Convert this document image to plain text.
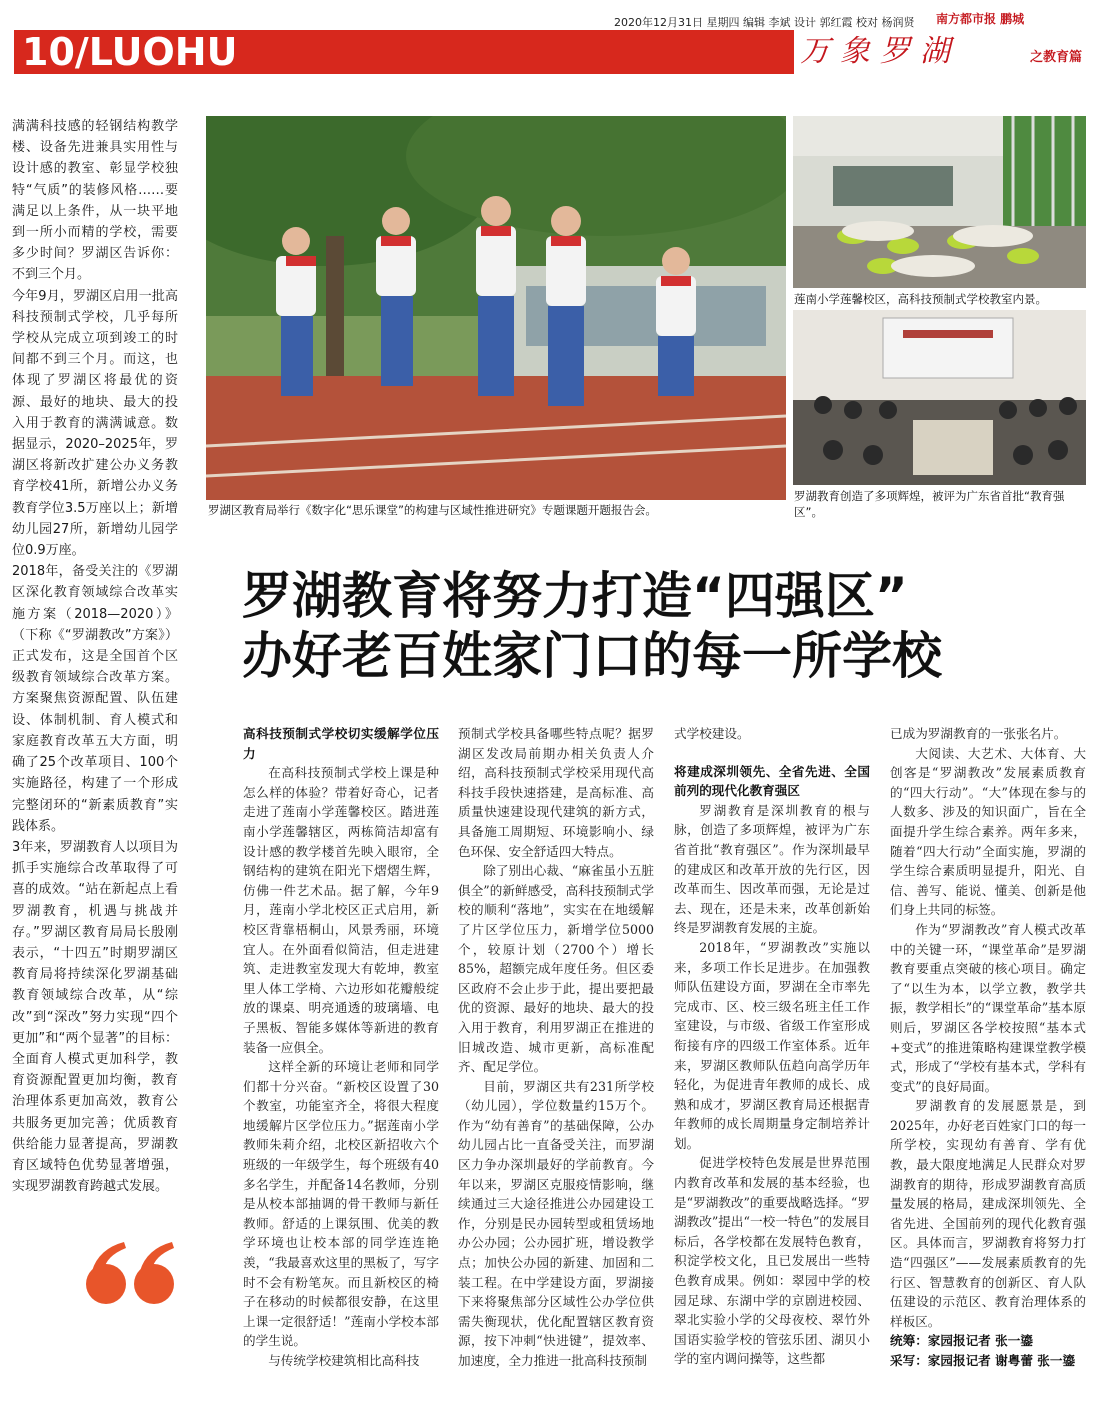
2020年12月31日 星期四 编辑 李斌 设计 郭红霞 校对 杨润贤	南方都市报 鹏城
10/LUOHU	万象罗湖	之教育篇

满满科技感的轻钢结构教学楼、设备先进兼具实用性与设计感的教室、彰显学校独特“气质”的装修风格……要满足以上条件，从一块平地到一所小而精的学校，需要多少时间？罗湖区告诉你：不到三个月。

今年9月，罗湖区启用一批高科技预制式学校，几乎每所学校从完成立项到竣工的时间都不到三个月。而这，也体现了罗湖区将最优的资源、最好的地块、最大的投入用于教育的满满诚意。数据显示，2020–2025年，罗湖区将新改扩建公办义务教育学校41所，新增公办义务教育学位3.5万座以上；新增幼儿园27所，新增幼儿园学位0.9万座。

2018年，备受关注的《罗湖区深化教育领域综合改革实施方案（2018—2020）》（下称《“罗湖教改”方案》）正式发布，这是全国首个区级教育领域综合改革方案。方案聚焦资源配置、队伍建设、体制机制、育人模式和家庭教育改革五大方面，明确了25个改革项目、100个实施路径，构建了一个形成完整闭环的“新素质教育”实践体系。

3年来，罗湖教育人以项目为抓手实施综合改革取得了可喜的成效。“站在新起点上看罗湖教育，机遇与挑战并存。”罗湖区教育局局长殷刚表示，“十四五”时期罗湖区教育局将持续深化罗湖基础教育领域综合改革，从“综改”到“深改”努力实现“四个更加”和“两个显著”的目标：全面育人模式更加科学，教育资源配置更加均衡，教育治理体系更加高效，教育公共服务更加完善；优质教育供给能力显著提高，罗湖教育区域特色优势显著增强，实现罗湖教育跨越式发展。

罗湖区教育局举行《数字化“思乐课堂”的构建与区域性推进研究》专题课题开题报告会。
莲南小学莲馨校区，高科技预制式学校教室内景。
罗湖教育创造了多项辉煌，被评为广东省首批“教育强区”。
罗湖教育将努力打造“四强区”
办好老百姓家门口的每一所学校

高科技预制式学校切实缓解学位压力

在高科技预制式学校上课是种怎么样的体验？带着好奇心，记者走进了莲南小学莲馨校区。踏进莲南小学莲馨辖区，两栋简洁却富有设计感的教学楼首先映入眼帘，全钢结构的建筑在阳光下熠熠生辉，仿佛一件艺术品。据了解，今年9月，莲南小学北校区正式启用，新校区背靠梧桐山，风景秀丽，环境宜人。在外面看似简洁，但走进建筑、走进教室发现大有乾坤，教室里人体工学椅、六边形如花瓣般绽放的课桌、明亮通透的玻璃墙、电子黑板、智能多媒体等新进的教育装备一应俱全。

这样全新的环境让老师和同学们都十分兴奋。“新校区设置了30个教室，功能室齐全，将很大程度地缓解片区学位压力。”据莲南小学教师朱莉介绍，北校区新招收六个班级的一年级学生，每个班级有40多名学生，并配备14名教师，分别是从校本部抽调的骨干教师与新任教师。舒适的上课氛围、优美的教学环境也让校本部的同学连连艳羡，“我最喜欢这里的黑板了，写字时不会有粉笔灰。而且新校区的椅子在移动的时候都很安静，在这里上课一定很舒适！”莲南小学校本部的学生说。

与传统学校建筑相比高科技

预制式学校具备哪些特点呢？据罗湖区发改局前期办相关负责人介绍，高科技预制式学校采用现代高科技手段快速搭建，是高标准、高质量快速建设现代建筑的新方式，具备施工周期短、环境影响小、绿色环保、安全舒适四大特点。

除了别出心裁、“麻雀虽小五脏俱全”的新鲜感受，高科技预制式学校的顺利“落地”，实实在在地缓解了片区学位压力，新增学位5000个，较原计划（2700个）增长85%，超额完成年度任务。但区委区政府不会止步于此，提出要把最优的资源、最好的地块、最大的投入用于教育，利用罗湖正在推进的旧城改造、城市更新，高标准配齐、配足学位。

目前，罗湖区共有231所学校（幼儿园），学位数量约15万个。作为“幼有善育”的基础保障，公办幼儿园占比一直备受关注，而罗湖区力争办深圳最好的学前教育。今年以来，罗湖区克服疫情影响，继续通过三大途径推进公办园建设工作，分别是民办园转型或租赁场地办公办园；公办园扩班，增设教学点；加快公办园的新建、加固和二装工程。在中学建设方面，罗湖接下来将聚焦部分区域性公办学位供需失衡现状，优化配置辖区教育资源，按下冲刺“快进键”，提效率、加速度，全力推进一批高科技预制

式学校建设。

将建成深圳领先、全省先进、全国前列的现代化教育强区

罗湖教育是深圳教育的根与脉，创造了多项辉煌，被评为广东省首批“教育强区”。作为深圳最早的建成区和改革开放的先行区，因改革而生、因改革而强，无论是过去、现在，还是未来，改革创新始终是罗湖教育发展的主旋。

2018年，“罗湖教改”实施以来，多项工作长足进步。在加强教师队伍建设方面，罗湖在全市率先完成市、区、校三级名班主任工作室建设，与市级、省级工作室形成衔接有序的四级工作室体系。近年来，罗湖区教师队伍趋向高学历年轻化，为促进青年教师的成长、成熟和成才，罗湖区教育局还根据青年教师的成长周期量身定制培养计划。

促进学校特色发展是世界范围内教育改革和发展的基本经验，也是“罗湖教改”的重要战略选择。“罗湖教改”提出“一校一特色”的发展目标后，各学校都在发展特色教育，积淀学校文化，且已发展出一些特色教育成果。例如：翠园中学的校园足球、东湖中学的京剧进校园、翠北实验小学的父母夜校、翠竹外国语实验学校的管弦乐团、湖贝小学的室内调问操等，这些都

已成为罗湖教育的一张张名片。

大阅读、大艺术、大体育、大创客是“罗湖教改”发展素质教育的“四大行动”。“大”体现在参与的人数多、涉及的知识面广，旨在全面提升学生综合素养。两年多来，随着“四大行动”全面实施，罗湖的学生综合素质明显提升，阳光、自信、善写、能说、懂美、创新是他们身上共同的标签。

作为“罗湖教改”育人模式改革中的关键一环，“课堂革命”是罗湖教育要重点突破的核心项目。确定了“以生为本，以学立教，教学共振，教学相长”的“课堂革命”基本原则后，罗湖区各学校按照“基本式+变式”的推进策略构建课堂教学模式，形成了“学校有基本式，学科有变式”的良好局面。

罗湖教育的发展愿景是，到2025年，办好老百姓家门口的每一所学校，实现幼有善育、学有优教，最大限度地满足人民群众对罗湖教育的期待，形成罗湖教育高质量发展的格局，建成深圳领先、全省先进、全国前列的现代化教育强区。具体而言，罗湖教育将努力打造“四强区”——发展素质教育的先行区、智慧教育的创新区、育人队伍建设的示范区、教育治理体系的样板区。

统筹：家园报记者 张一鎏

采写：家园报记者 谢粤蕾 张一鎏
